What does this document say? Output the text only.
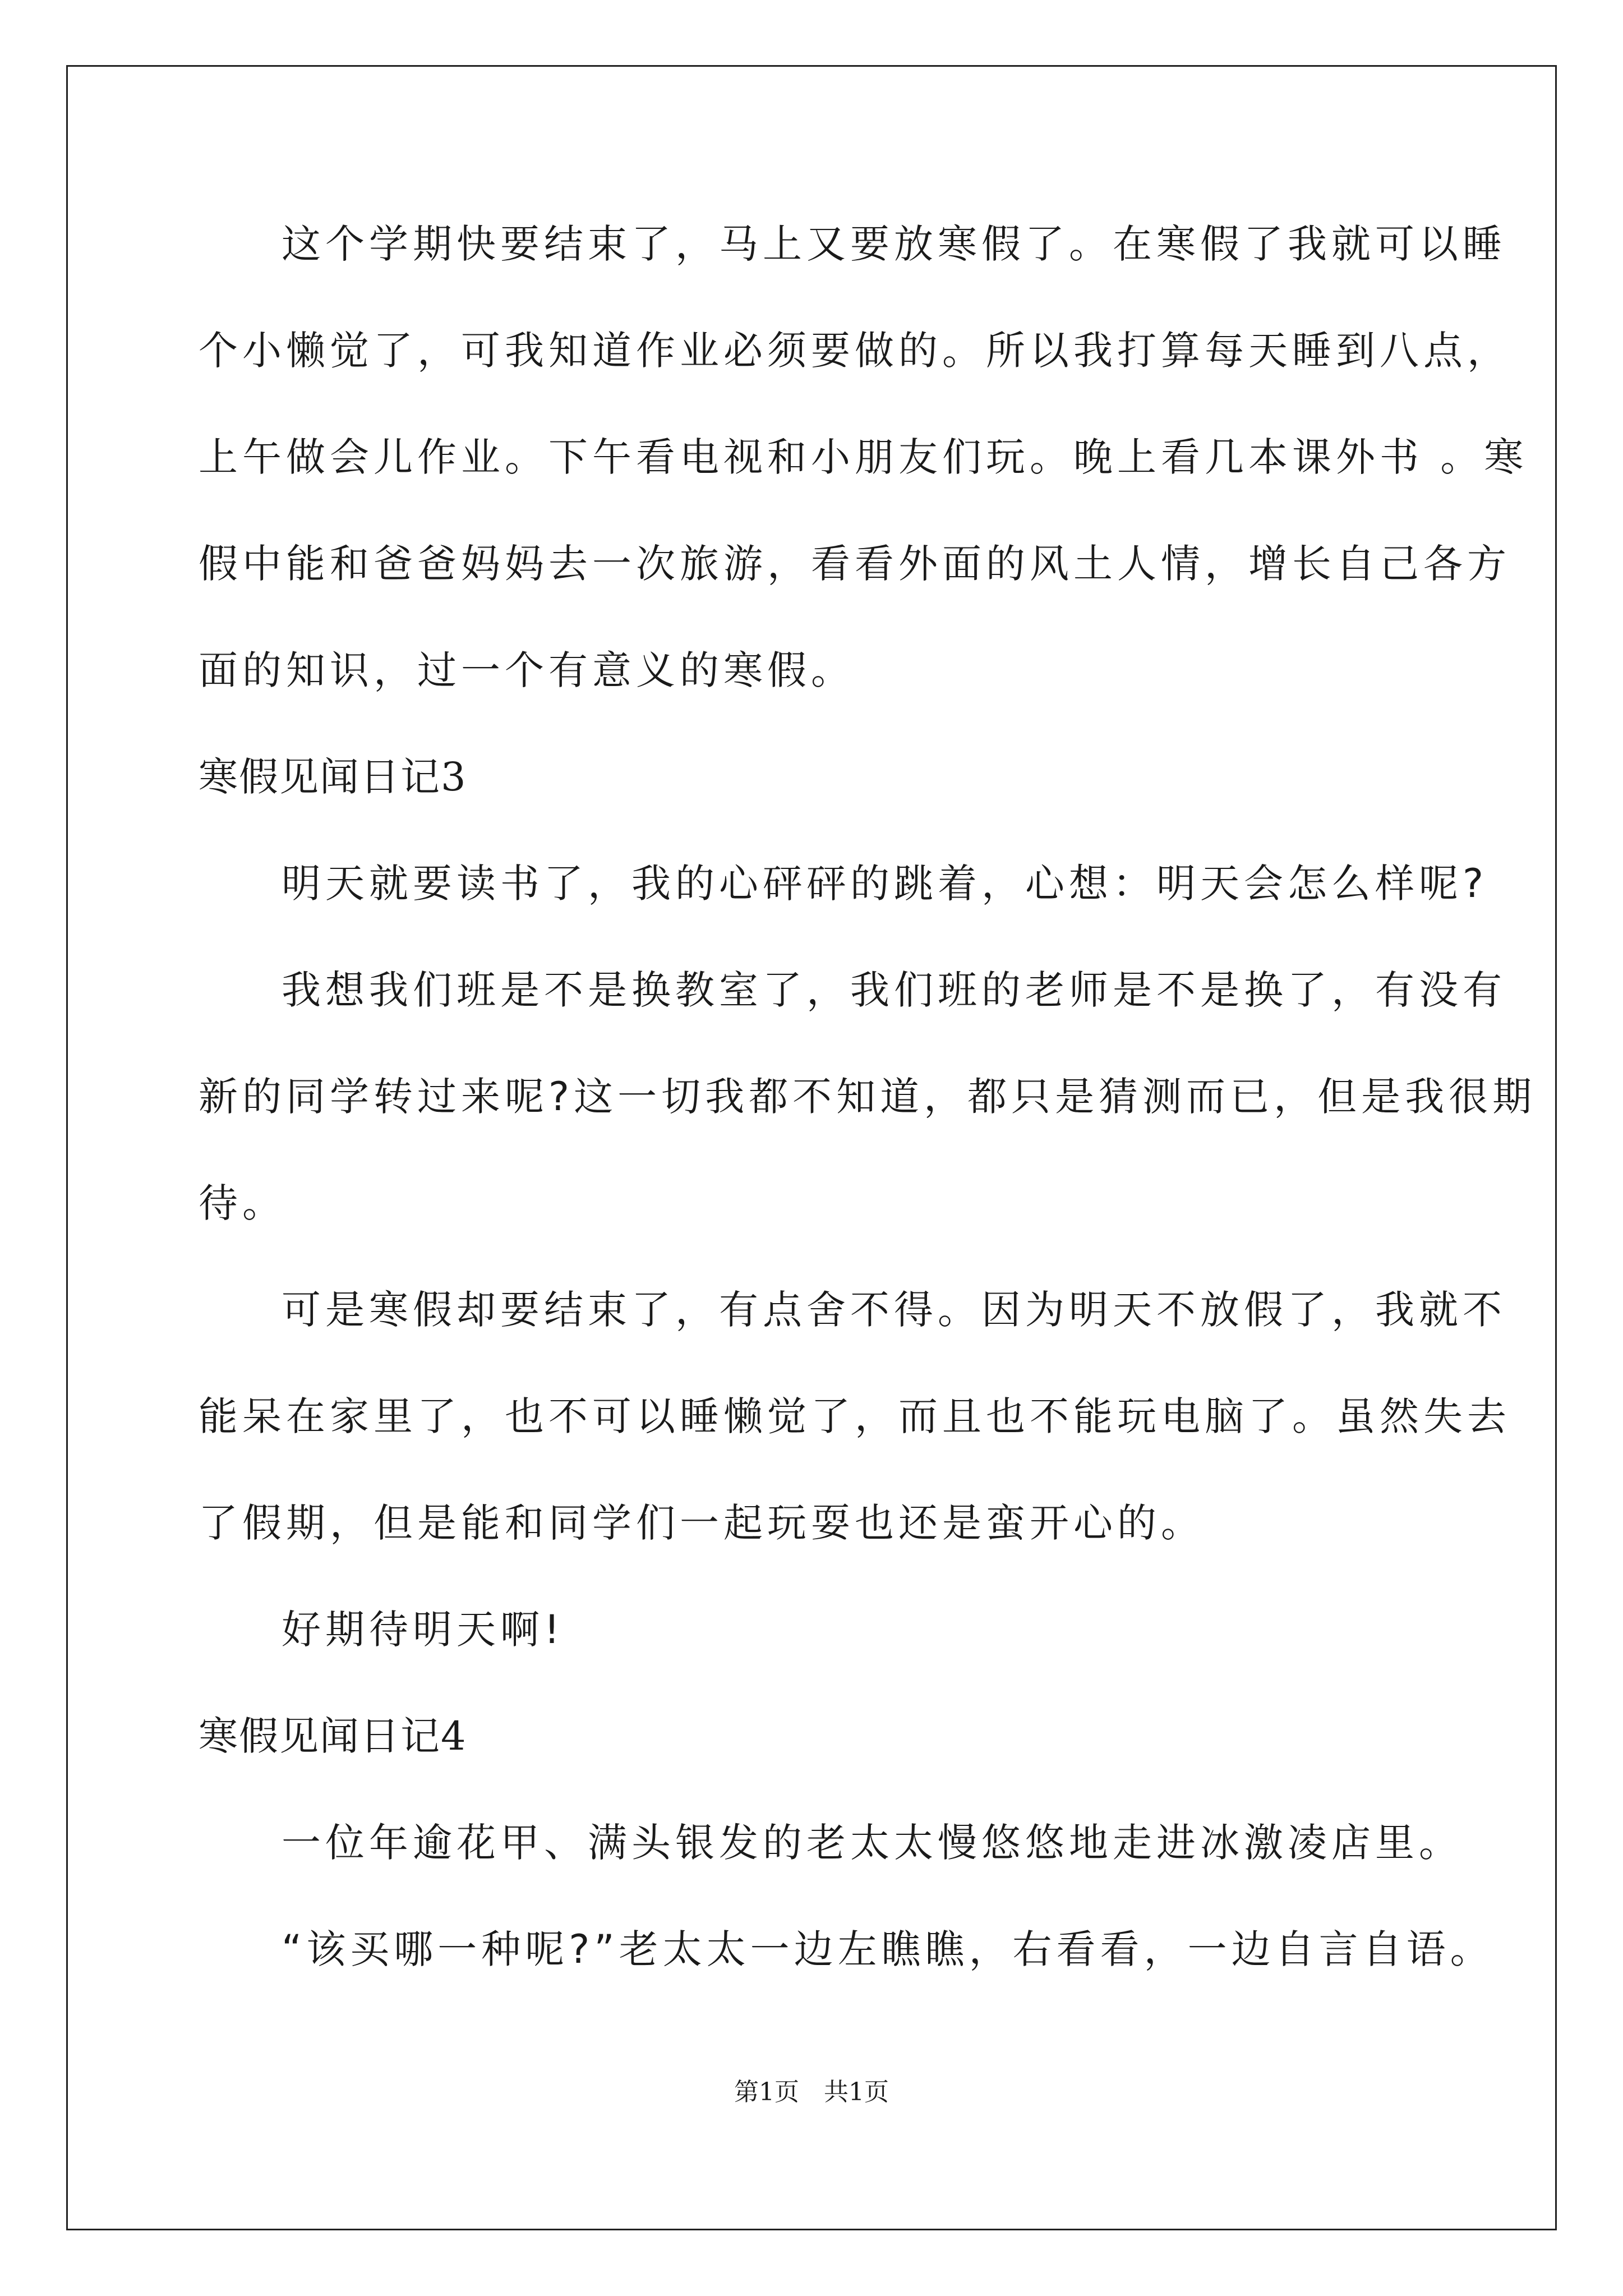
这个学期快要结束了，马上又要放寒假了。在寒假了我就可以睡
个小懒觉了，可我知道作业必须要做的。所以我打算每天睡到八点，
上午做会儿作业。下午看电视和小朋友们玩。晚上看几本课外书 。寒
假中能和爸爸妈妈去一次旅游，看看外面的风土人情，增长自己各方
面的知识，过一个有意义的寒假。
寒假见闻日记3
明天就要读书了，我的心砰砰的跳着，心想：明天会怎么样呢?
我想我们班是不是换教室了，我们班的老师是不是换了，有没有
新的同学转过来呢?这一切我都不知道，都只是猜测而已，但是我很期
待。
可是寒假却要结束了，有点舍不得。因为明天不放假了，我就不
能呆在家里了，也不可以睡懒觉了，而且也不能玩电脑了。虽然失去
了假期，但是能和同学们一起玩耍也还是蛮开心的。
好期待明天啊!
寒假见闻日记4
一位年逾花甲、满头银发的老太太慢悠悠地走进冰激凌店里。
“该买哪一种呢?”老太太一边左瞧瞧，右看看，一边自言自语。
第1页　共1页
